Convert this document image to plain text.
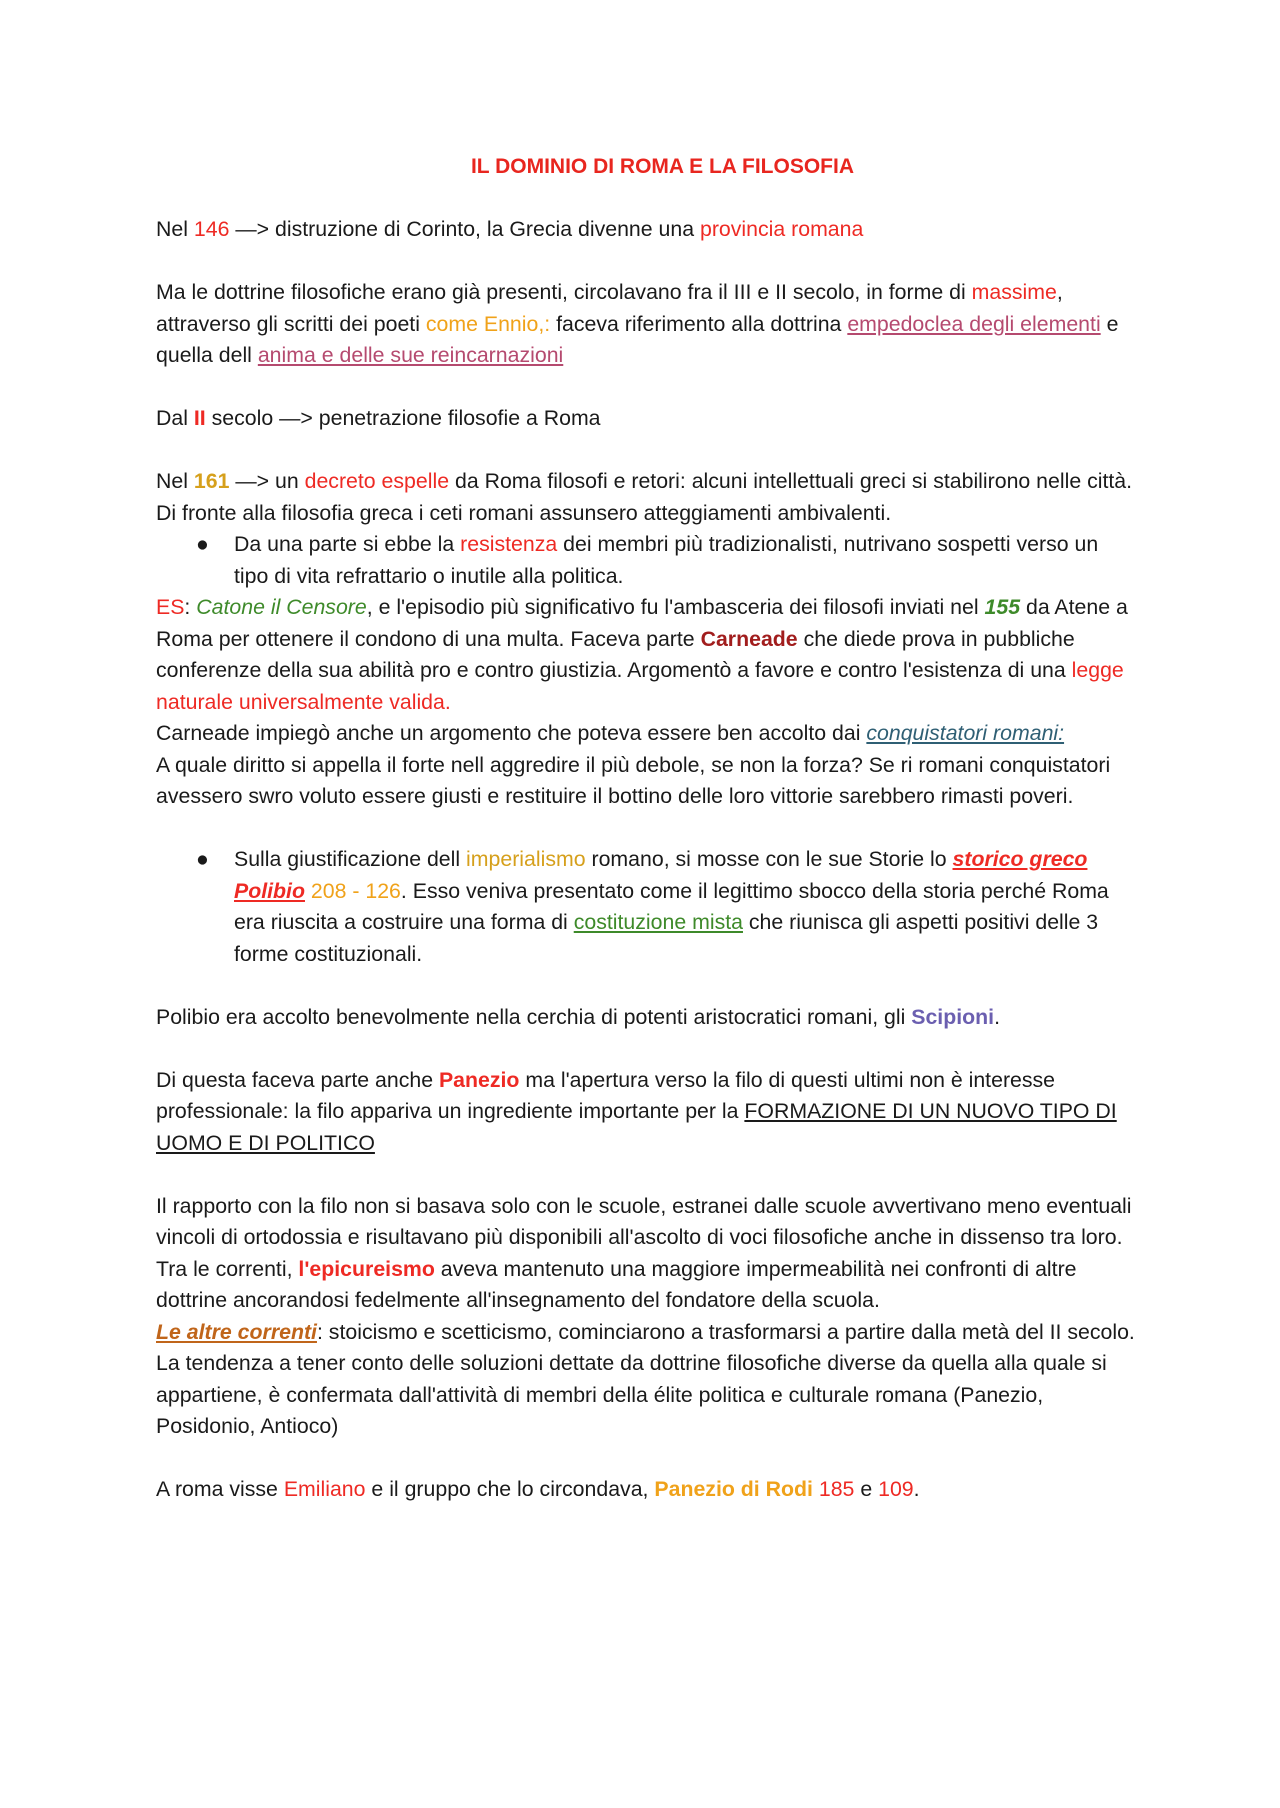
IL DOMINIO DI ROMA E LA FILOSOFIA

Nel 146 —> distruzione di Corinto, la Grecia divenne una provincia romana

Ma le dottrine filosofiche erano già presenti, circolavano fra il III e II secolo, in forme di massime, attraverso gli scritti dei poeti come Ennio,: faceva riferimento alla dottrina empedoclea degli elementi e quella dell anima e delle sue reincarnazioni

Dal II secolo —> penetrazione filosofie a Roma

Nel 161 —> un decreto espelle da Roma filosofi e retori: alcuni intellettuali greci si stabilirono nelle città.

Di fronte alla filosofia greca i ceti romani assunsero atteggiamenti ambivalenti.

● Da una parte si ebbe la resistenza dei membri più tradizionalisti, nutrivano sospetti verso un tipo di vita refrattario o inutile alla politica.

ES: Catone il Censore, e l'episodio più significativo fu l'ambasceria dei filosofi inviati nel 155 da Atene a Roma per ottenere il condono di una multa. Faceva parte Carneade che diede prova in pubbliche conferenze della sua abilità pro e contro giustizia. Argomentò a favore e contro l'esistenza di una legge naturale universalmente valida.

Carneade impiegò anche un argomento che poteva essere ben accolto dai conquistatori romani:

A quale diritto si appella il forte nell aggredire il più debole, se non la forza? Se ri romani conquistatori avessero swro voluto essere giusti e restituire il bottino delle loro vittorie sarebbero rimasti poveri.

● Sulla giustificazione dell imperialismo romano, si mosse con le sue Storie lo storico greco Polibio 208 - 126. Esso veniva presentato come il legittimo sbocco della storia perché Roma era riuscita a costruire una forma di costituzione mista che riunisca gli aspetti positivi delle 3 forme costituzionali.

Polibio era accolto benevolmente nella cerchia di potenti aristocratici romani, gli Scipioni.

Di questa faceva parte anche Panezio ma l'apertura verso la filo di questi ultimi non è interesse professionale: la filo appariva un ingrediente importante per la FORMAZIONE DI UN NUOVO TIPO DI UOMO E DI POLITICO

Il rapporto con la filo non si basava solo con le scuole, estranei dalle scuole avvertivano meno eventuali vincoli di ortodossia e risultavano più disponibili all'ascolto di voci filosofiche anche in dissenso tra loro. Tra le correnti, l'epicureismo aveva mantenuto una maggiore impermeabilità nei confronti di altre dottrine ancorandosi fedelmente all'insegnamento del fondatore della scuola.

Le altre correnti: stoicismo e scetticismo, cominciarono a trasformarsi a partire dalla metà del II secolo.

La tendenza a tener conto delle soluzioni dettate da dottrine filosofiche diverse da quella alla quale si appartiene, è confermata dall'attività di membri della élite politica e culturale romana (Panezio, Posidonio, Antioco)

A roma visse Emiliano e il gruppo che lo circondava, Panezio di Rodi 185 e 109.
